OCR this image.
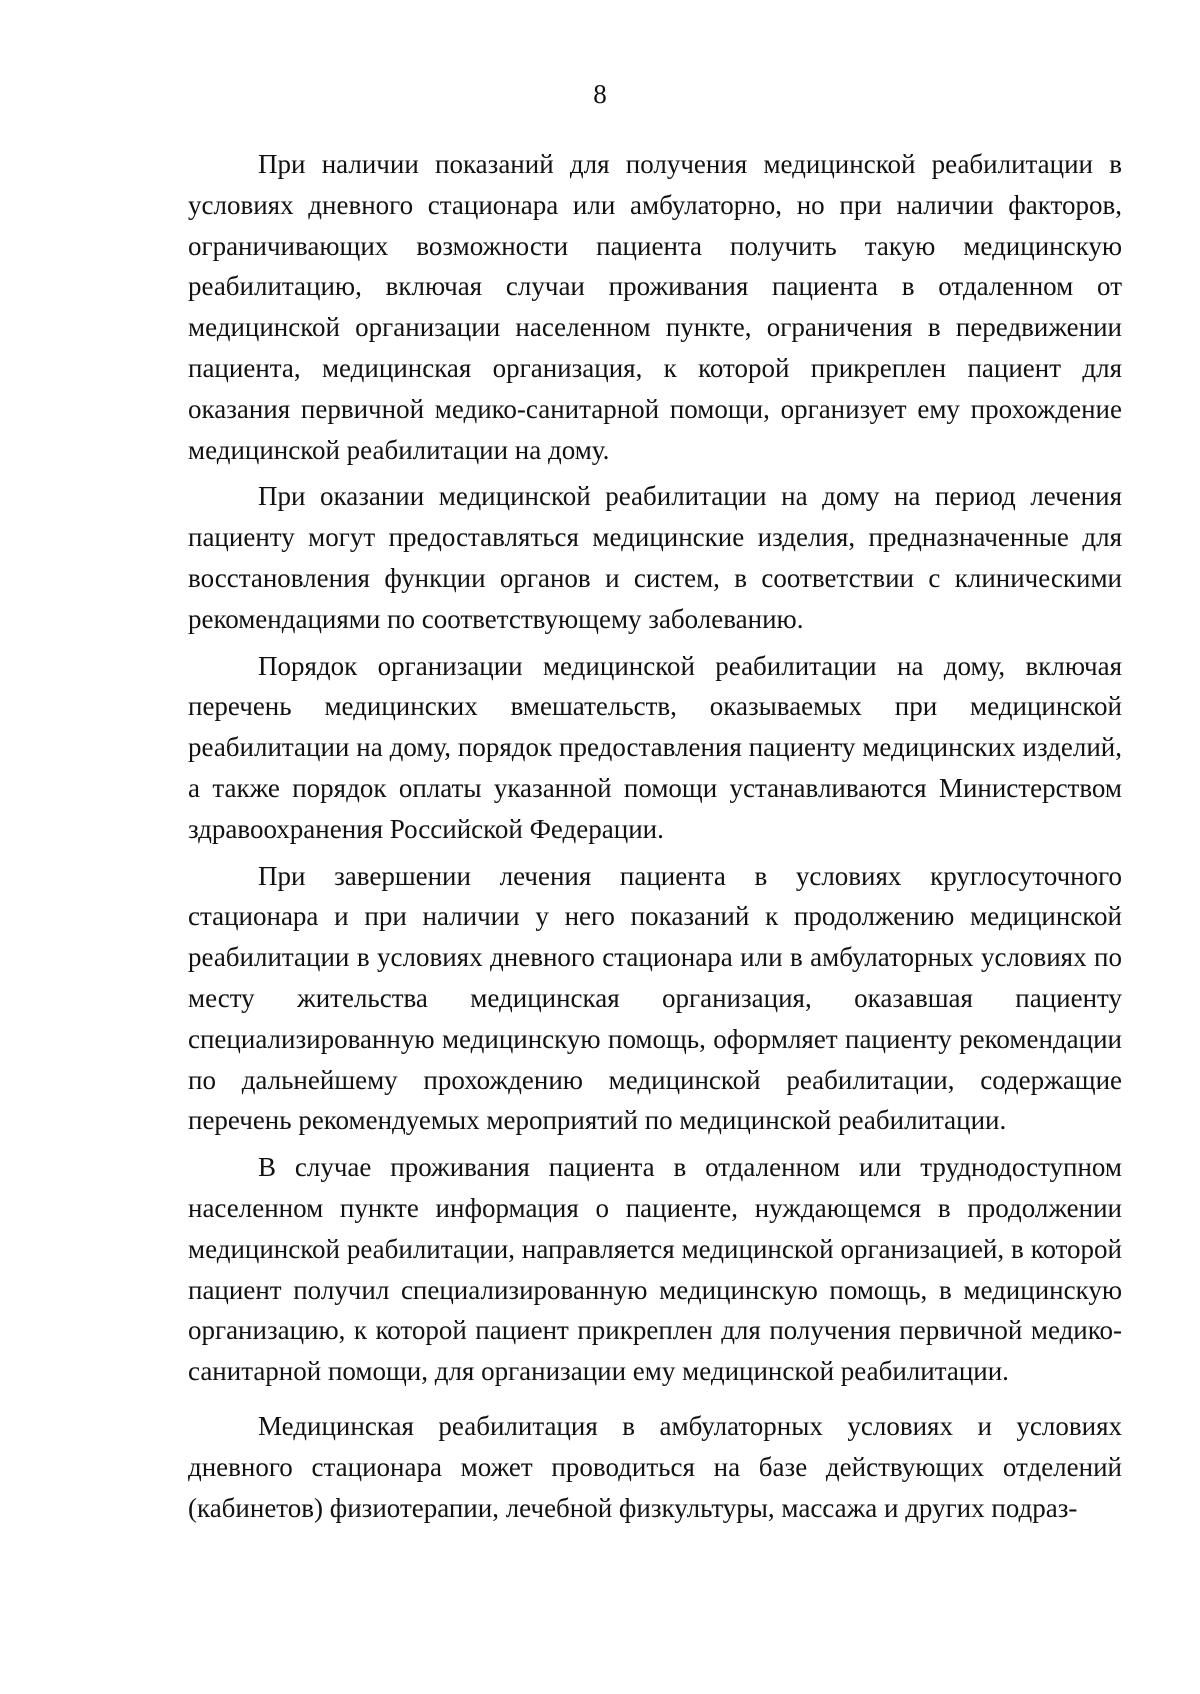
8

При наличии показаний для получения медицинской реабилитации в условиях дневного стационара или амбулаторно, но при наличии факторов, ограничивающих возможности пациента получить такую медицинскую реабилитацию, включая случаи проживания пациента в отдаленном от медицинской организации населенном пункте, ограничения в передвижении пациента, медицинская организация, к которой прикреплен пациент для оказания первичной медико-санитарной помощи, организует ему прохождение медицинской реабилитации на дому.

При оказании медицинской реабилитации на дому на период лечения пациенту могут предоставляться медицинские изделия, предназначенные для восстановления функции органов и систем, в соответствии с клиническими рекомендациями по соответствующему заболеванию.

Порядок организации медицинской реабилитации на дому, включая перечень медицинских вмешательств, оказываемых при медицинской реабилитации на дому, порядок предоставления пациенту медицинских изделий, а также порядок оплаты указанной помощи устанавливаются Министерством здравоохранения Российской Федерации.

При завершении лечения пациента в условиях круглосуточного стационара и при наличии у него показаний к продолжению медицинской реабилитации в условиях дневного стационара или в амбулаторных условиях по месту жительства медицинская организация, оказавшая пациенту специализированную медицинскую помощь, оформляет пациенту рекомендации по дальнейшему прохождению медицинской реабилитации, содержащие перечень рекомендуемых мероприятий по медицинской реабилитации.

В случае проживания пациента в отдаленном или труднодоступном населенном пункте информация о пациенте, нуждающемся в продолжении медицинской реабилитации, направляется медицинской организацией, в которой пациент получил специализированную медицинскую помощь, в медицинскую организацию, к которой пациент прикреплен для получения первичной медико-санитарной помощи, для организации ему медицинской реабилитации.

Медицинская реабилитация в амбулаторных условиях и условиях дневного стационара может проводиться на базе действующих отделений (кабинетов) физиотерапии, лечебной физкультуры, массажа и других подраз-
